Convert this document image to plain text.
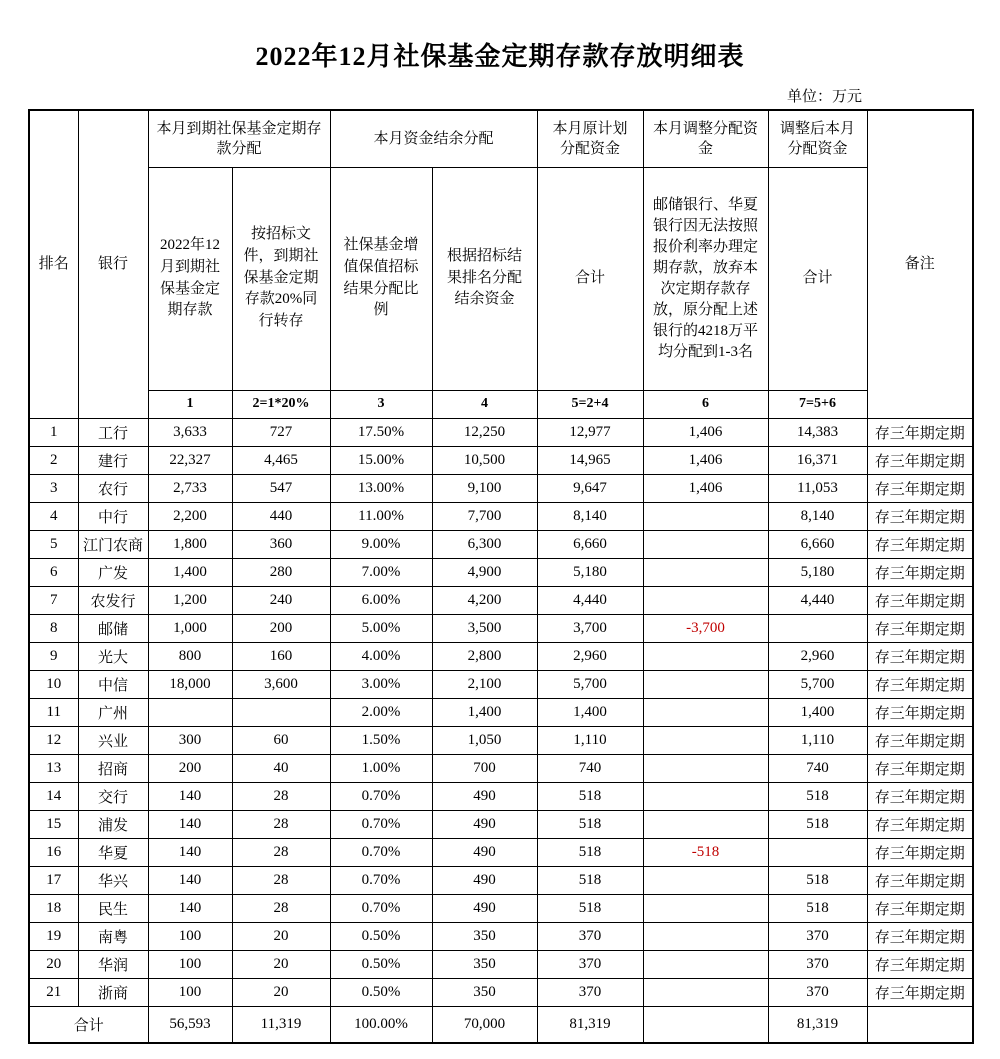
2022年12月社保基金定期存款存放明细表
单位：万元
排名	银行	本月到期社保基金定期存款分配		本月资金结余分配		本月原计划分配资金	本月调整分配资金	调整后本月分配资金	备注
		2022年12月到期社保基金定期存款	按招标文件，到期社保基金定期存款20%同行转存	社保基金增值保值招标结果分配比例	根据招标结果排名分配结余资金	合计	邮储银行、华夏银行因无法按照报价利率办理定期存款，放弃本次定期存款存放，原分配上述银行的4218万平均分配到1-3名	合计	
		1	2=1*20%	3	4	5=2+4	6	7=5+6	
1	工行	3,633	727	17.50%	12,250	12,977	1,406	14,383	存三年期定期
2	建行	22,327	4,465	15.00%	10,500	14,965	1,406	16,371	存三年期定期
3	农行	2,733	547	13.00%	9,100	9,647	1,406	11,053	存三年期定期
4	中行	2,200	440	11.00%	7,700	8,140		8,140	存三年期定期
5	江门农商	1,800	360	9.00%	6,300	6,660		6,660	存三年期定期
6	广发	1,400	280	7.00%	4,900	5,180		5,180	存三年期定期
7	农发行	1,200	240	6.00%	4,200	4,440		4,440	存三年期定期
8	邮储	1,000	200	5.00%	3,500	3,700	-3,700		存三年期定期
9	光大	800	160	4.00%	2,800	2,960		2,960	存三年期定期
10	中信	18,000	3,600	3.00%	2,100	5,700		5,700	存三年期定期
11	广州			2.00%	1,400	1,400		1,400	存三年期定期
12	兴业	300	60	1.50%	1,050	1,110		1,110	存三年期定期
13	招商	200	40	1.00%	700	740		740	存三年期定期
14	交行	140	28	0.70%	490	518		518	存三年期定期
15	浦发	140	28	0.70%	490	518		518	存三年期定期
16	华夏	140	28	0.70%	490	518	-518		存三年期定期
17	华兴	140	28	0.70%	490	518		518	存三年期定期
18	民生	140	28	0.70%	490	518		518	存三年期定期
19	南粤	100	20	0.50%	350	370		370	存三年期定期
20	华润	100	20	0.50%	350	370		370	存三年期定期
21	浙商	100	20	0.50%	350	370		370	存三年期定期
合计		56,593	11,319	100.00%	70,000	81,319		81,319	
